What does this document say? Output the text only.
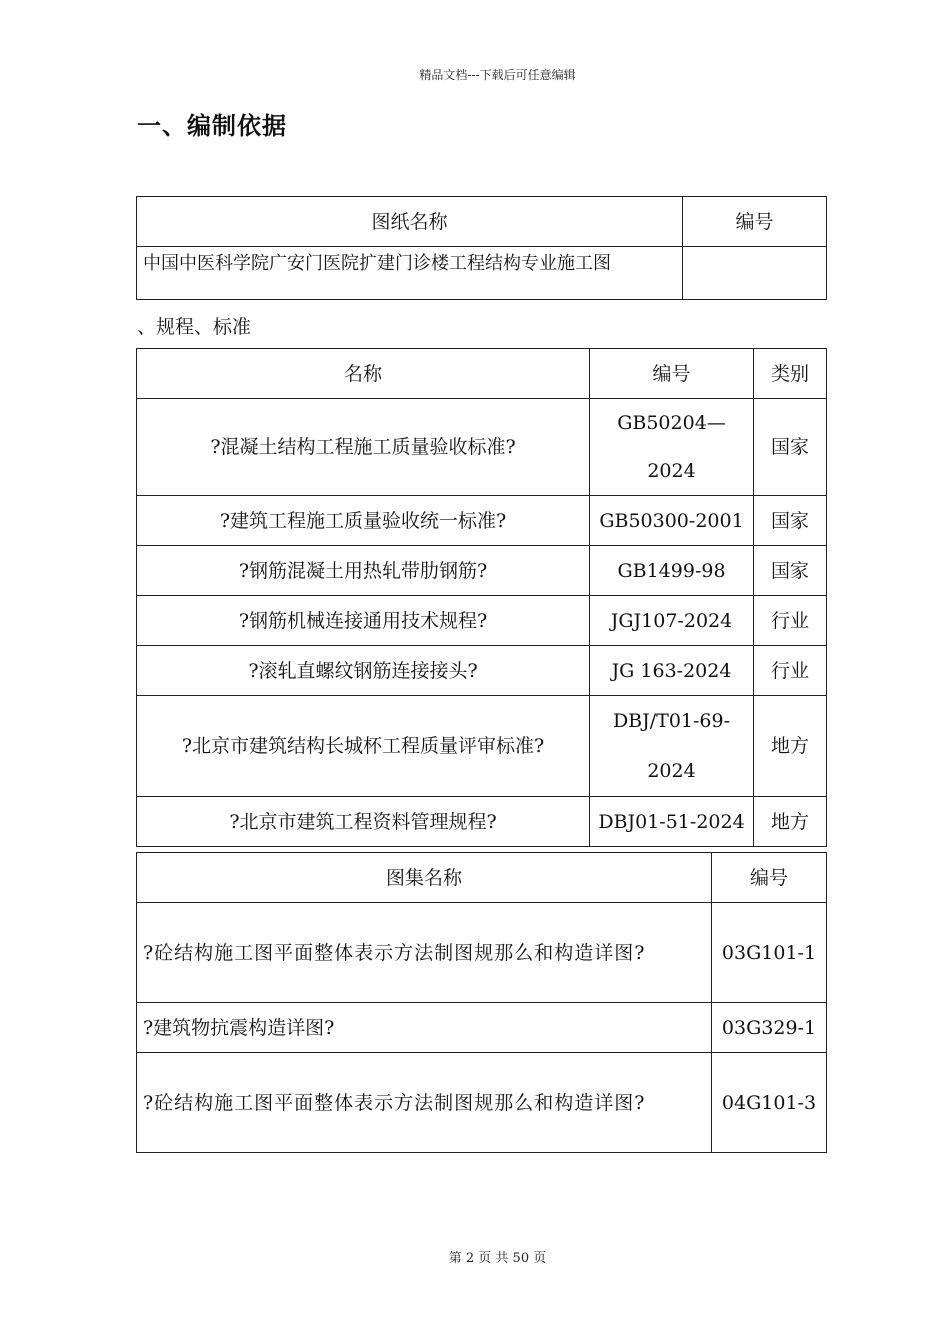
精品文档---下载后可任意编辑
一、编制依据
图纸名称	编号
中国中医科学院广安门医院扩建门诊楼工程结构专业施工图	
、规程、标准
名称	编号	类别
?混凝土结构工程施工质量验收标准?	GB50204—2024	国家
?建筑工程施工质量验收统一标准?	GB50300-2001	国家
?钢筋混凝土用热轧带肋钢筋?	GB1499-98	国家
?钢筋机械连接通用技术规程?	JGJ107-2024	行业
?滚轧直螺纹钢筋连接接头?	JG 163-2024	行业
?北京市建筑结构长城杯工程质量评审标准?	DBJ/T01-69-2024	地方
?北京市建筑工程资料管理规程?	DBJ01-51-2024	地方
图集名称	编号
?砼结构施工图平面整体表示方法制图规那么和构造详图?	03G101-1
?建筑物抗震构造详图?	03G329-1
?砼结构施工图平面整体表示方法制图规那么和构造详图?	04G101-3
第 2 页 共 50 页
